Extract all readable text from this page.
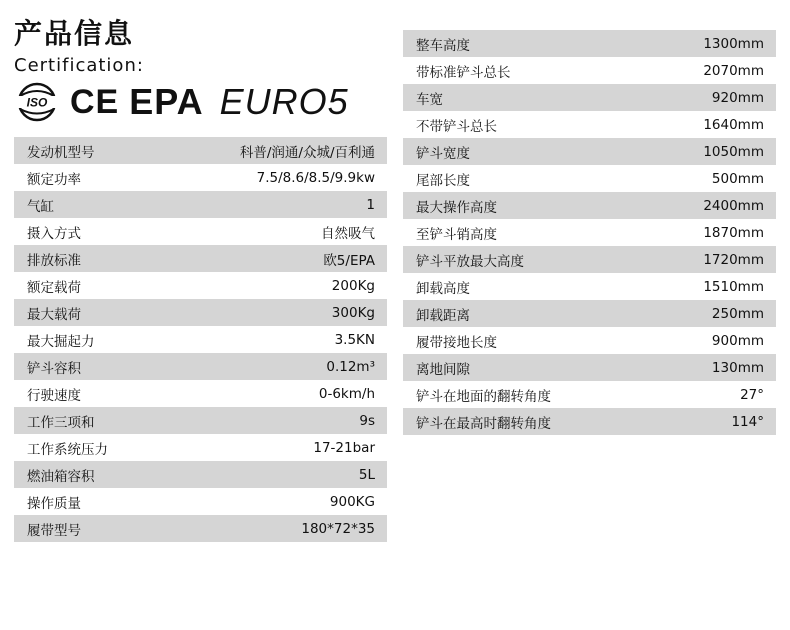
产品信息
Certification:
ISO CE EPA EURO5
发动机型号	科普/润通/众城/百利通
额定功率	7.5/8.6/8.5/9.9kw
气缸	1
摄入方式	自然吸气
排放标准	欧5/EPA
额定载荷	200Kg
最大载荷	300Kg
最大掘起力	3.5KN
铲斗容积	0.12m³
行驶速度	0-6km/h
工作三项和	9s
工作系统压力	17-21bar
燃油箱容积	5L
操作质量	900KG
履带型号	180*72*35
整车高度	1300mm
带标准铲斗总长	2070mm
车宽	920mm
不带铲斗总长	1640mm
铲斗宽度	1050mm
尾部长度	500mm
最大操作高度	2400mm
至铲斗销高度	1870mm
铲斗平放最大高度	1720mm
卸载高度	1510mm
卸载距离	250mm
履带接地长度	900mm
离地间隙	130mm
铲斗在地面的翻转角度	27°
铲斗在最高时翻转角度	114°
